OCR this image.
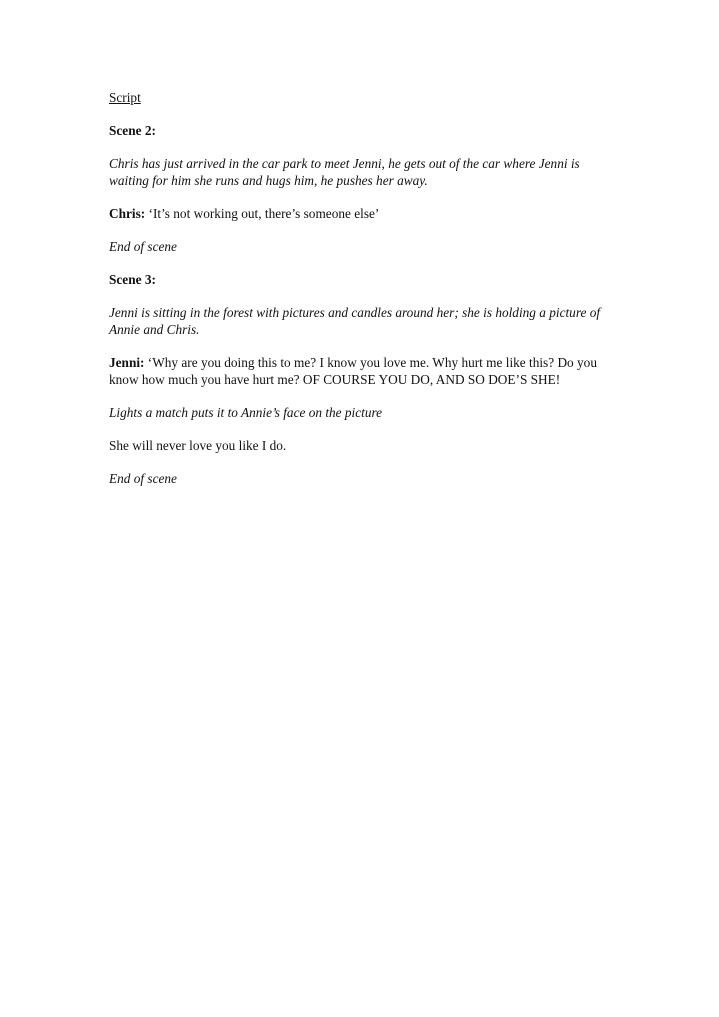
Script

Scene 2:

Chris has just arrived in the car park to meet Jenni, he gets out of the car where Jenni is waiting for him she runs and hugs him, he pushes her away.

Chris: ‘It’s not working out, there’s someone else’

End of scene

Scene 3:

Jenni is sitting in the forest with pictures and candles around her; she is holding a picture of Annie and Chris.

Jenni: ‘Why are you doing this to me? I know you love me. Why hurt me like this? Do you know how much you have hurt me? OF COURSE YOU DO, AND SO DOE’S SHE!

Lights a match puts it to Annie’s face on the picture

She will never love you like I do.

End of scene
